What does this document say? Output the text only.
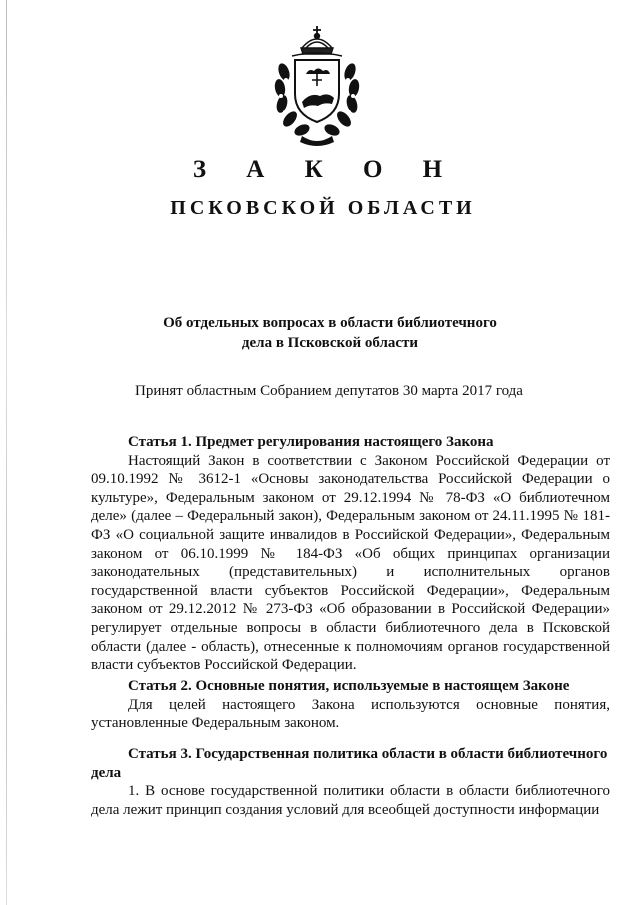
З А К О Н
ПСКОВСКОЙ ОБЛАСТИ
Об отдельных вопросах в области библиотечного
дела в Псковской области
Принят областным Собранием депутатов 30 марта 2017 года
Статья 1. Предмет регулирования настоящего Закона

Настоящий Закон в соответствии с Законом Российской Федерации от 09.10.1992 № 3612-1 «Основы законодательства Российской Федерации о культуре», Федеральным законом от 29.12.1994 № 78-ФЗ «О библиотечном деле» (далее – Федеральный закон), Федеральным законом от 24.11.1995 № 181-ФЗ «О социальной защите инвалидов в Российской Федерации», Федеральным законом от 06.10.1999 № 184-ФЗ «Об общих принципах организации законодательных (представительных) и исполнительных органов государственной власти субъектов Российской Федерации», Федеральным законом от 29.12.2012 № 273-ФЗ «Об образовании в Российской Федерации» регулирует отдельные вопросы в области библиотечного дела в Псковской области (далее - область), отнесенные к полномочиям органов государственной власти субъектов Российской Федерации.

Статья 2. Основные понятия, используемые в настоящем Законе

Для целей настоящего Закона используются основные понятия, установленные Федеральным законом.

Статья 3. Государственная политика области в области библиотечного дела

1. В основе государственной политики области в области библиотечного дела лежит принцип создания условий для всеобщей доступности информации
